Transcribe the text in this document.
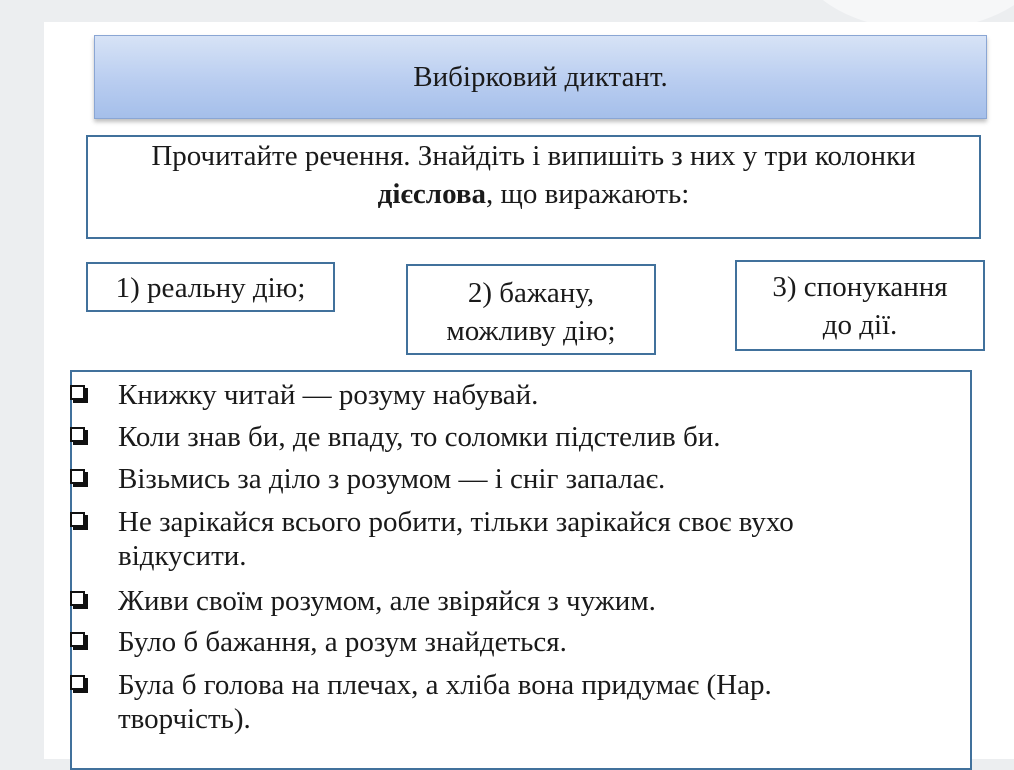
Вибірковий диктант.
Прочитайте речення. Знайдіть і випишіть з них у три колонки
дієслова, що виражають:
1) реальну дію;	2) бажану,
можливу дію;
3) спонукання
до дії.
Книжку читай — розуму набувай.
Коли знав би, де впаду, то соломки підстелив би.
Візьмись за діло з розумом — і сніг запалає.
Не зарікайся всього робити, тільки зарікайся своє вухо
відкусити.
Живи своїм розумом, але звіряйся з чужим.
Було б бажання, а розум знайдеться.
Була б голова на плечах, а хліба вона придумає (Нар.
творчість).
